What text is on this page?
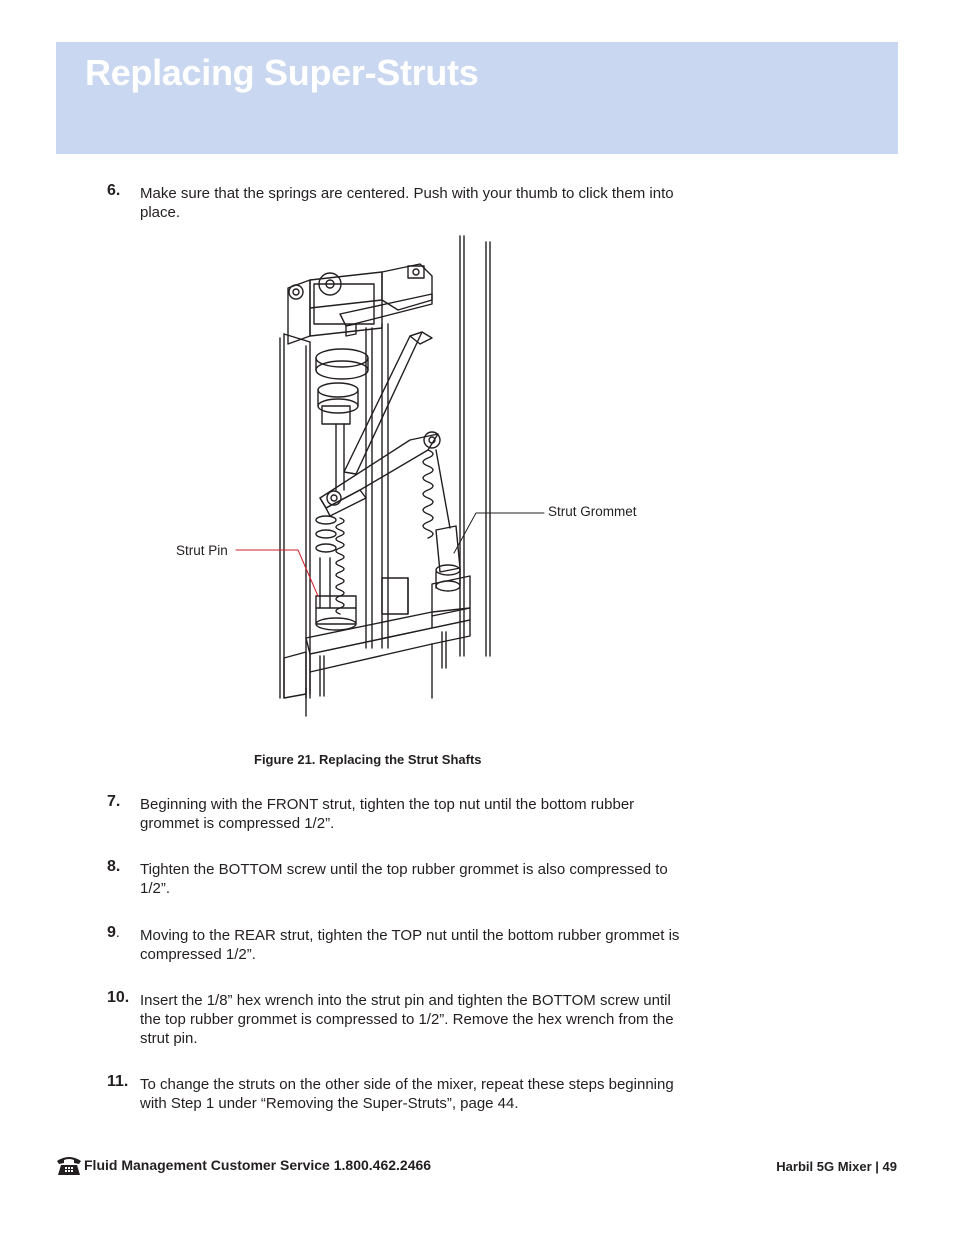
Replacing Super-Struts
6. Make sure that the springs are centered. Push with your thumb to click them into place.

Strut Grommet
Strut Pin
Figure 21. Replacing the Strut Shafts
7. Beginning with the FRONT strut, tighten the top nut until the bottom rubber grommet is compressed 1/2”.

8. Tighten the BOTTOM screw until the top rubber grommet is also compressed to 1/2”.

9. Moving to the REAR strut, tighten the TOP nut until the bottom rubber grommet is compressed 1/2”.

10. Insert the 1/8” hex wrench into the strut pin and tighten the BOTTOM screw until the top rubber grommet is compressed to 1/2”. Remove the hex wrench from the strut pin.

11. To change the struts on the other side of the mixer, repeat these steps beginning with Step 1 under “Removing the Super-Struts”, page 44.

Fluid Management Customer Service 1.800.462.2466	Harbil 5G Mixer | 49
